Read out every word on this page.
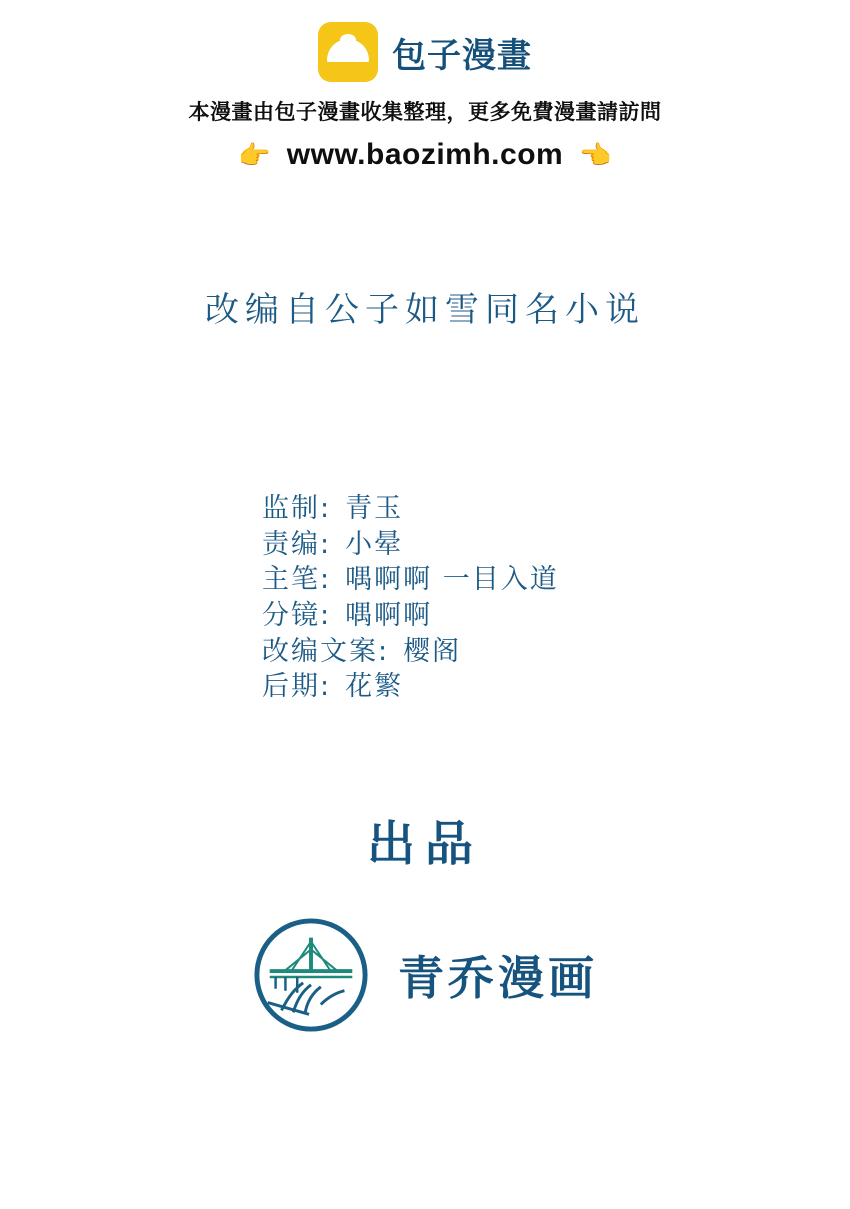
包子漫畫
本漫畫由包子漫畫收集整理，更多免費漫畫請訪問
👉 www.baozimh.com 👈
改编自公子如雪同名小说
监制: 青玉
责编: 小晕
主笔: 喁啊啊 一目入道
分镜: 喁啊啊
改编文案: 樱阁
后期: 花繁
出品
青乔漫画
